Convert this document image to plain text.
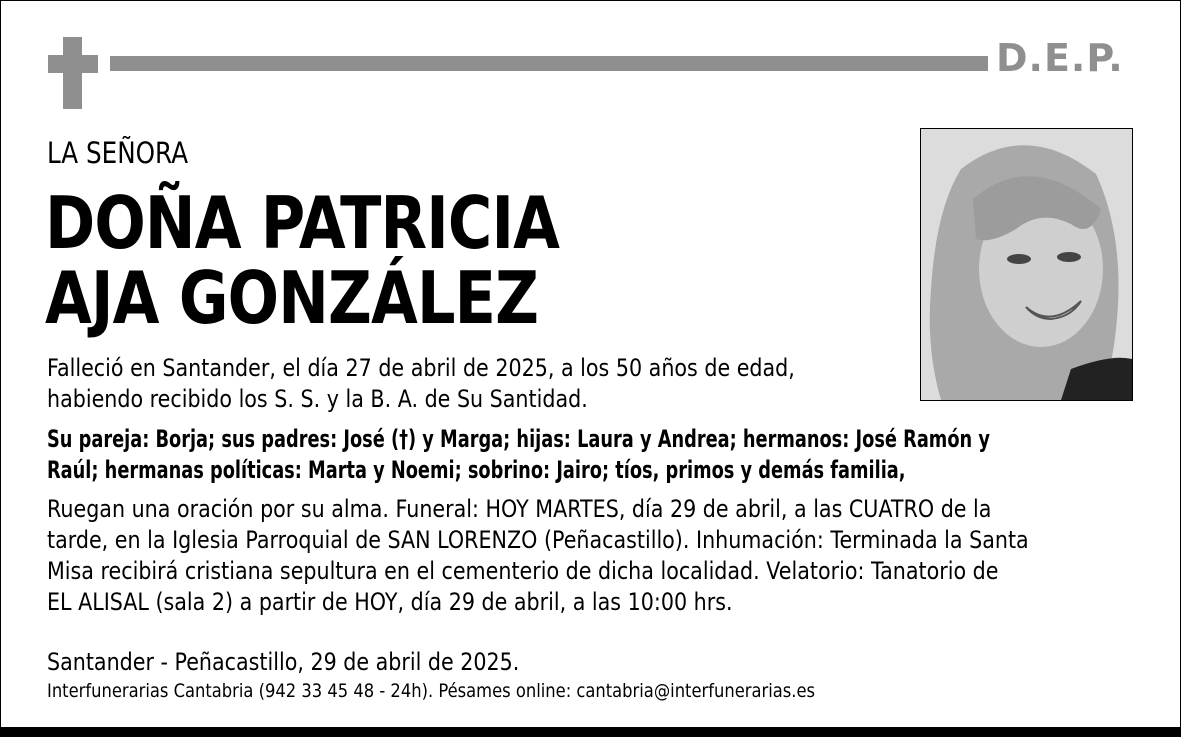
D.E.P.
LA SEÑORA
DOÑA PATRICIA
AJA GONZÁLEZ
Falleció en Santander, el día 27 de abril de 2025, a los 50 años de edad,
habiendo recibido los S. S. y la B. A. de Su Santidad.
Su pareja: Borja; sus padres: José (†) y Marga; hijas: Laura y Andrea; hermanos: José Ramón y
Raúl; hermanas políticas: Marta y Noemi; sobrino: Jairo; tíos, primos y demás familia,
Ruegan una oración por su alma. Funeral: HOY MARTES, día 29 de abril, a las CUATRO de la
tarde, en la Iglesia Parroquial de SAN LORENZO (Peñacastillo). Inhumación: Terminada la Santa
Misa recibirá cristiana sepultura en el cementerio de dicha localidad. Velatorio: Tanatorio de
EL ALISAL (sala 2) a partir de HOY, día 29 de abril, a las 10:00 hrs.
Santander - Peñacastillo, 29 de abril de 2025.
Interfunerarias Cantabria (942 33 45 48 - 24h). Pésames online: cantabria@interfunerarias.es
